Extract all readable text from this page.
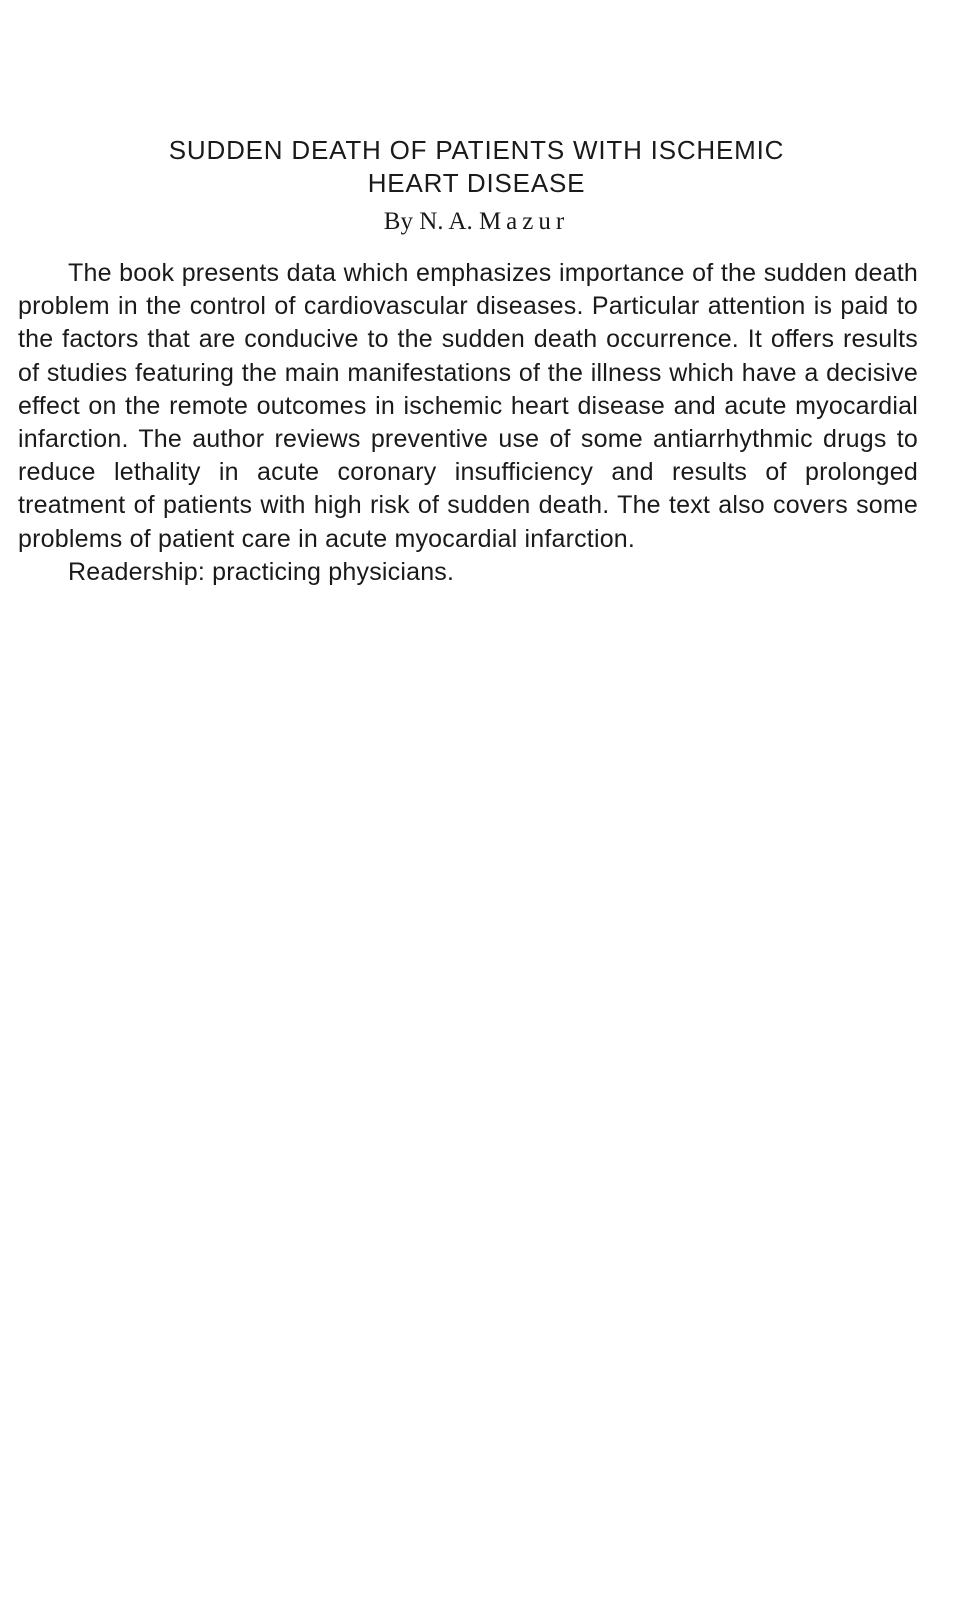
SUDDEN DEATH OF PATIENTS WITH ISCHEMIC
HEART DISEASE
By N. A. Mazur

The book presents data which emphasizes importance of the sudden death problem in the control of cardiovascular diseases. Particular attention is paid to the factors that are conducive to the sudden death occurrence. It offers results of studies featuring the main manifestations of the illness which have a decisive effect on the remote outcomes in ischemic heart disease and acute myocardial infarction. The author reviews preventive use of some antiarrhythmic drugs to reduce lethality in acute coronary insufficiency and results of prolonged treatment of patients with high risk of sudden death. The text also covers some problems of patient care in acute myocardial infarction.

Readership: practicing physicians.
